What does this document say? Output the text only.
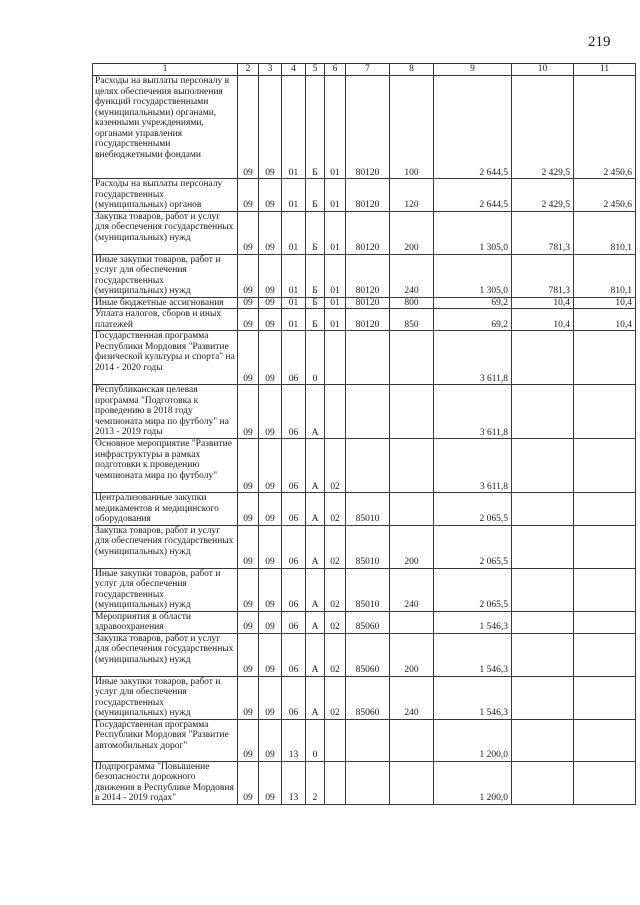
219
1	2	3	4	5	6	7	8	9	10	11
Расходы на выплаты персоналу в целях обеспечения выполнения функций государственными (муниципальными) органами, казенными учреждениями, органами управления государственными внебюджетными фондами	09	09	01	Б	01	80120	100	2 644,5	2 429,5	2 450,6
Расходы на выплаты персоналу государственных (муниципальных) органов	09	09	01	Б	01	80120	120	2 644,5	2 429,5	2 450,6
Закупка товаров, работ и услуг для обеспечения государственных (муниципальных) нужд	09	09	01	Б	01	80120	200	1 305,0	781,3	810,1
Иные закупки товаров, работ и услуг для обеспечения государственных (муниципальных) нужд	09	09	01	Б	01	80120	240	1 305,0	781,3	810,1
Иные бюджетные ассигнования	09	09	01	Б	01	80120	800	69,2	10,4	10,4
Уплата налогов, сборов и иных платежей	09	09	01	Б	01	80120	850	69,2	10,4	10,4
Государственная программа Республики Мордовия "Развитие физической культуры и спорта" на 2014 - 2020 годы	09	09	06	0				3 611,8		
Республиканская целевая программа "Подготовка к проведению в 2018 году чемпионата мира по футболу" на 2013 - 2019 годы	09	09	06	А				3 611,8		
Основное мероприятие "Развитие инфраструктуры в рамках подготовки к проведению чемпионата мира по футболу"	09	09	06	А	02			3 611,8		
Централизованные закупки медикаментов и медицинского оборудования	09	09	06	А	02	85010		2 065,5		
Закупка товаров, работ и услуг для обеспечения государственных (муниципальных) нужд	09	09	06	А	02	85010	200	2 065,5		
Иные закупки товаров, работ и услуг для обеспечения государственных (муниципальных) нужд	09	09	06	А	02	85010	240	2 065,5		
Мероприятия в области здравоохранения	09	09	06	А	02	85060		1 546,3		
Закупка товаров, работ и услуг для обеспечения государственных (муниципальных) нужд	09	09	06	А	02	85060	200	1 546,3		
Иные закупки товаров, работ и услуг для обеспечения государственных (муниципальных) нужд	09	09	06	А	02	85060	240	1 546,3		
Государственная программа Республики Мордовия "Развитие автомобильных дорог"	09	09	13	0				1 200,0		
Подпрограмма "Повышение безопасности дорожного движения в Республике Мордовия в 2014 - 2019 годах"	09	09	13	2				1 200,0		
